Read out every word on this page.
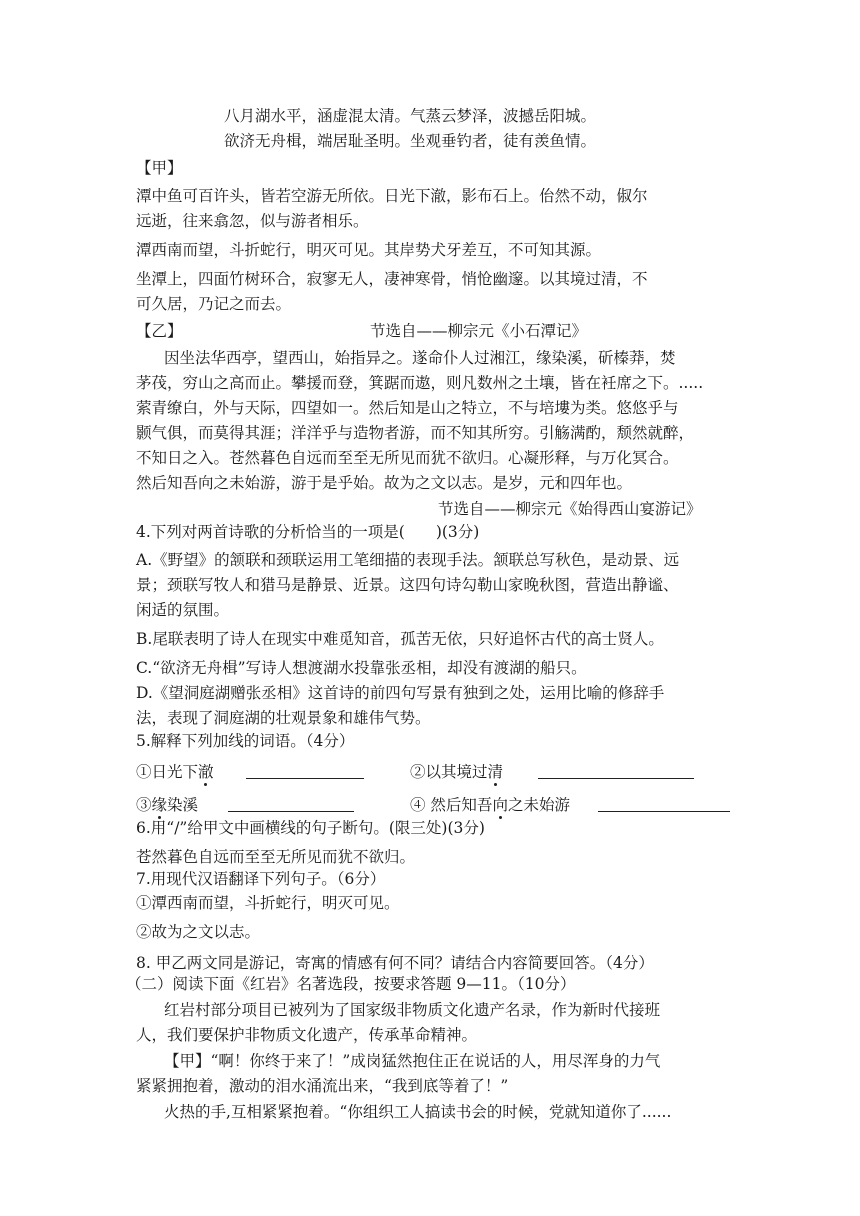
八月湖水平，涵虚混太清。气蒸云梦泽，波撼岳阳城。
欲济无舟楫，端居耻圣明。坐观垂钓者，徒有羡鱼情。
【甲】
潭中鱼可百许头，皆若空游无所依。日光下澈，影布石上。佁然不动，俶尔
远逝，往来翕忽，似与游者相乐。
潭西南而望，斗折蛇行，明灭可见。其岸势犬牙差互，不可知其源。
坐潭上，四面竹树环合，寂寥无人，凄神寒骨，悄怆幽邃。以其境过清，不
可久居，乃记之而去。
【乙】	节选自——柳宗元《小石潭记》
因坐法华西亭，望西山，始指异之。遂命仆人过湘江，缘染溪，斫榛莽，焚
茅茷，穷山之高而止。攀援而登，箕踞而遨，则凡数州之土壤，皆在衽席之下。.....
萦青缭白，外与天际，四望如一。然后知是山之特立，不与培塿为类。悠悠乎与
颢气俱，而莫得其涯；洋洋乎与造物者游，而不知其所穷。引觞满酌，颓然就醉，
不知日之入。苍然暮色自远而至至无所见而犹不欲归。心凝形释，与万化冥合。
然后知吾向之未始游，游于是乎始。故为之文以志。是岁，元和四年也。
节选自——柳宗元《始得西山宴游记》
4.下列对两首诗歌的分析恰当的一项是(　　)(3分)
A.《野望》的颔联和颈联运用工笔细描的表现手法。颔联总写秋色，是动景、远
景；颈联写牧人和猎马是静景、近景。这四句诗勾勒山家晚秋图，营造出静谧、
闲适的氛围。
B.尾联表明了诗人在现实中难觅知音，孤苦无依，只好追怀古代的高士贤人。
C.“欲济无舟楫”写诗人想渡湖水投靠张丞相，却没有渡湖的船只。
D.《望洞庭湖赠张丞相》这首诗的前四句写景有独到之处，运用比喻的修辞手
法，表现了洞庭湖的壮观景象和雄伟气势。
5.解释下列加线的词语。（4分）
①日光下澈	②以其境过清
③缘染溪	④ 然后知吾向之未始游
6.用“/”给甲文中画横线的句子断句。(限三处)(3分)
苍然暮色自远而至至无所见而犹不欲归。
7.用现代汉语翻译下列句子。（6分）
①潭西南而望，斗折蛇行，明灭可见。
②故为之文以志。
8. 甲乙两文同是游记，寄寓的情感有何不同？请结合内容简要回答。（4分）
（二）阅读下面《红岩》名著选段，按要求答题 9—11。（10分）
红岩村部分项目已被列为了国家级非物质文化遗产名录，作为新时代接班
人，我们要保护非物质文化遗产，传承革命精神。
【甲】“啊！你终于来了！”成岗猛然抱住正在说话的人，用尽浑身的力气
紧紧拥抱着，激动的泪水涌流出来，“我到底等着了！”
火热的手,互相紧紧抱着。“你组织工人搞读书会的时候，党就知道你了......
